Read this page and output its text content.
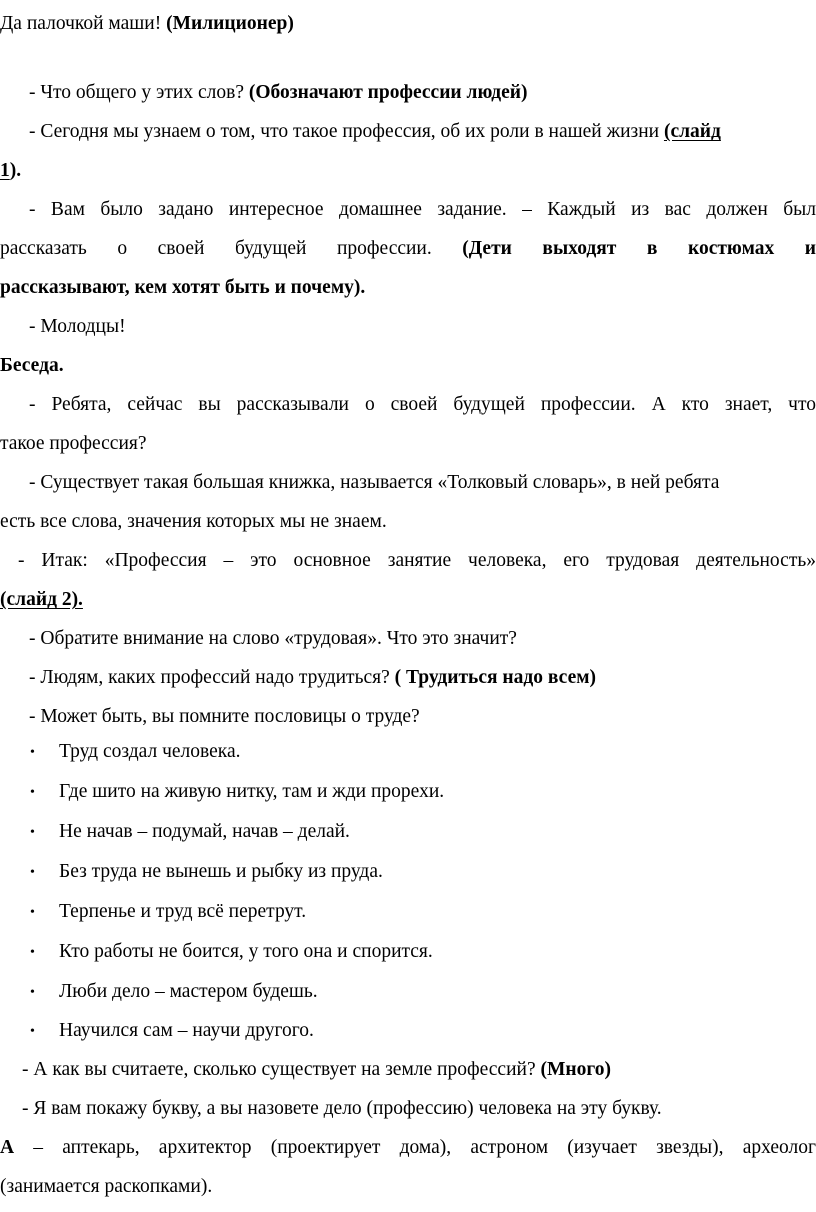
Да палочкой маши! (Милиционер)
- Что общего у этих слов? (Обозначают профессии людей)
- Сегодня мы узнаем о том, что такое профессия, об их роли в нашей жизни (слайд
1).
- Вам было задано интересное домашнее задание. – Каждый из вас должен был
рассказать о своей будущей профессии. (Дети выходят в костюмах и
рассказывают, кем хотят быть и почему).
- Молодцы!
Беседа.
- Ребята, сейчас вы рассказывали о своей будущей профессии. А кто знает, что
такое профессия?
- Существует такая большая книжка, называется «Толковый словарь», в ней ребята
есть все слова, значения которых мы не знаем.
- Итак: «Профессия – это основное занятие человека, его трудовая деятельность»
(слайд 2).
- Обратите внимание на слово «трудовая». Что это значит?
- Людям, каких профессий надо трудиться? ( Трудиться надо всем)
- Может быть, вы помните пословицы о труде?
• Труд создал человека.
• Где шито на живую нитку, там и жди прорехи.
• Не начав – подумай, начав – делай.
• Без труда не вынешь и рыбку из пруда.
• Терпенье и труд всё перетрут.
• Кто работы не боится, у того она и спорится.
• Люби дело – мастером будешь.
• Научился сам – научи другого.
- А как вы считаете, сколько существует на земле профессий? (Много)
- Я вам покажу букву, а вы назовете дело (профессию) человека на эту букву.
А – аптекарь, архитектор (проектирует дома), астроном (изучает звезды), археолог
(занимается раскопками).
